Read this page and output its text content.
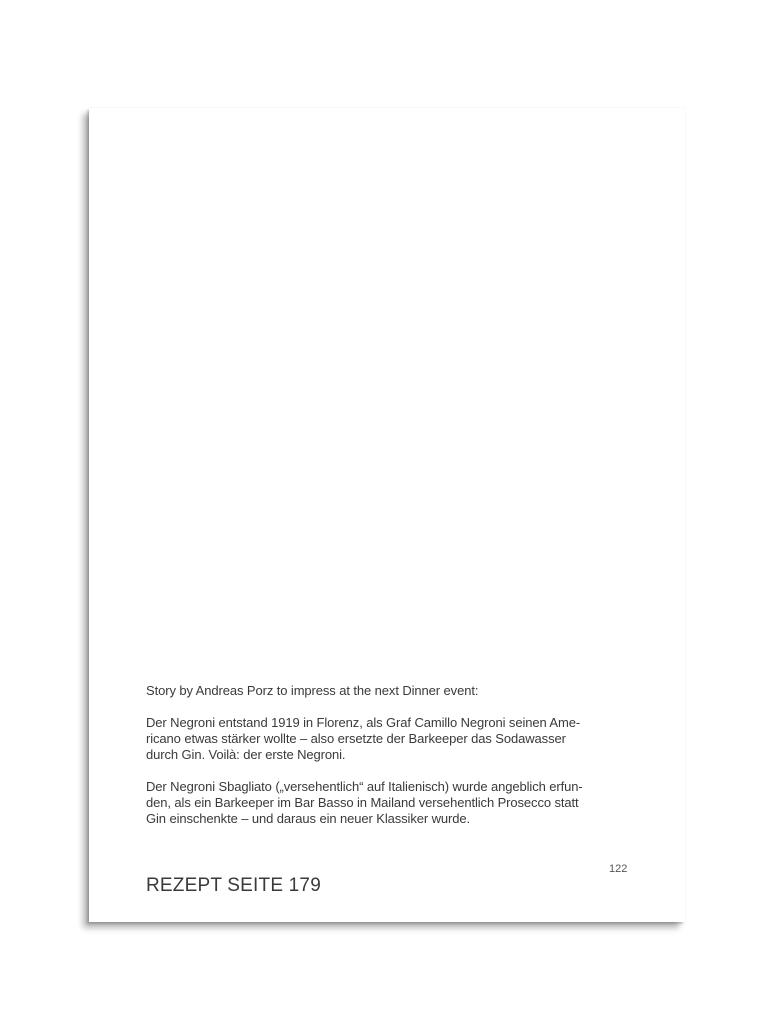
Story by Andreas Porz to impress at the next Dinner event:

Der Negroni entstand 1919 in Florenz, als Graf Camillo Negroni seinen Ame-
ricano etwas stärker wollte – also ersetzte der Barkeeper das Sodawasser
durch Gin. Voilà: der erste Negroni.

Der Negroni Sbagliato („versehentlich“ auf Italienisch) wurde angeblich erfun-
den, als ein Barkeeper im Bar Basso in Mailand versehentlich Prosecco statt
Gin einschenkte – und daraus ein neuer Klassiker wurde.

122
REZEPT SEITE 179
